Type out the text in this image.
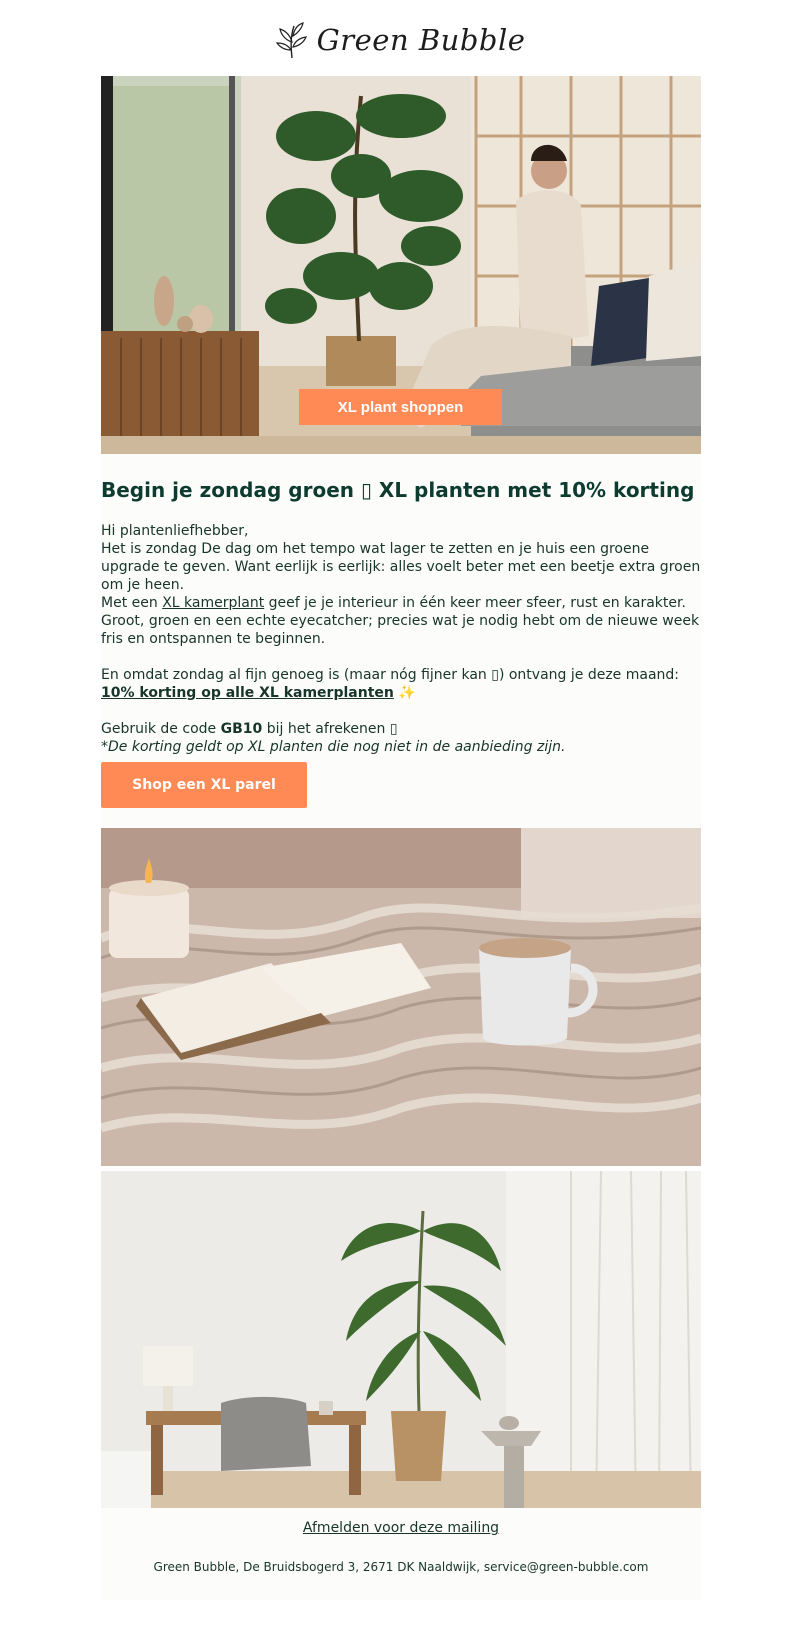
Green Bubble
XL plant shoppen
Begin je zondag groen ▯ XL planten met 10% korting

Hi plantenliefhebber,

Het is zondag De dag om het tempo wat lager te zetten en je huis een groene upgrade te geven. Want eerlijk is eerlijk: alles voelt beter met een beetje extra groen om je heen.

Met een XL kamerplant geef je je interieur in één keer meer sfeer, rust en karakter. Groot, groen en een echte eyecatcher; precies wat je nodig hebt om de nieuwe week fris en ontspannen te beginnen.

En omdat zondag al fijn genoeg is (maar nóg fijner kan ▯) ontvang je deze maand:

10% korting op alle XL kamerplanten ✨

Gebruik de code GB10 bij het afrekenen ▯

*De korting geldt op XL planten die nog niet in de aanbieding zijn.

Shop een XL parel
Afmelden voor deze mailing

Green Bubble, De Bruidsbogerd 3, 2671 DK Naaldwijk, service@green-bubble.com
